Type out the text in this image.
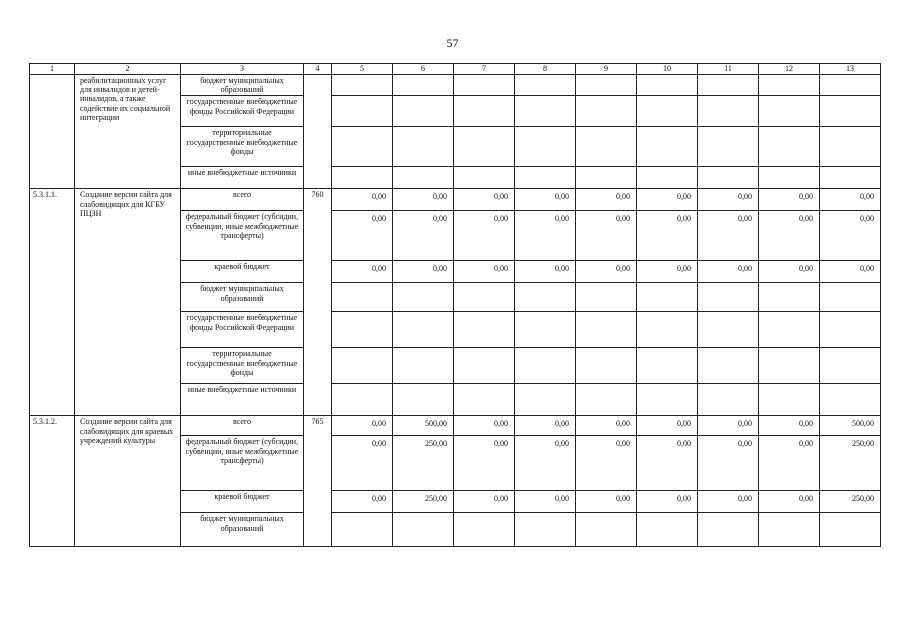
57
1	2	3	4	5	6	7	8	9	10	11	12	13
	реабилитационных услуг для инвалидов и детей-инвалидов, а также содействие их социальной интеграции	бюджет муниципальных образований										
		государственные внебюджетные фонды Российской Федерации										
		территориальные государственные внебюджетные фонды										
		иные внебюджетные источники										
5.3.1.1.	Создание версии сайта для слабовидящих для КГБУ ПЦЗН	всего	760	0,00	0,00	0,00	0,00	0,00	0,00	0,00	0,00	0,00
		федеральный бюджет (субсидии, субвенции, иные межбюджетные трансферты)		0,00	0,00	0,00	0,00	0,00	0,00	0,00	0,00	0,00
		краевой бюджет		0,00	0,00	0,00	0,00	0,00	0,00	0,00	0,00	0,00
		бюджет муниципальных образований										
		государственные внебюджетные фонды Российской Федерации										
		территориальные государственные внебюджетные фонды										
		иные внебюджетные источники										
5.3.1.2.	Создание версии сайта для слабовидящих для краевых учреждений культуры	всего	765	0,00	500,00	0,00	0,00	0,00	0,00	0,00	0,00	500,00
		федеральный бюджет (субсидии, субвенции, иные межбюджетные трансферты)		0,00	250,00	0,00	0,00	0,00	0,00	0,00	0,00	250,00
		краевой бюджет		0,00	250,00	0,00	0,00	0,00	0,00	0,00	0,00	250,00
		бюджет муниципальных образований										
